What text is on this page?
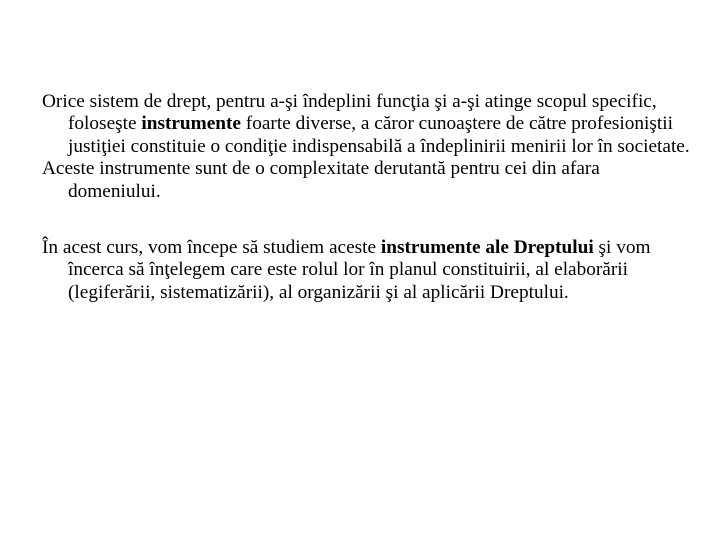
Orice sistem de drept, pentru a-şi îndeplini funcţia şi a-şi atinge scopul specific, foloseşte instrumente foarte diverse, a căror cunoaştere de către profesioniştii justiţiei constituie o condiţie indispensabilă a îndeplinirii menirii lor în societate.

Aceste instrumente sunt de o complexitate derutantă pentru cei din afara domeniului.

În acest curs, vom începe să studiem aceste instrumente ale Dreptului şi vom încerca să înţelegem care este rolul lor în planul constituirii, al elaborării (legiferării, sistematizării), al organizării şi al aplicării Dreptului.
